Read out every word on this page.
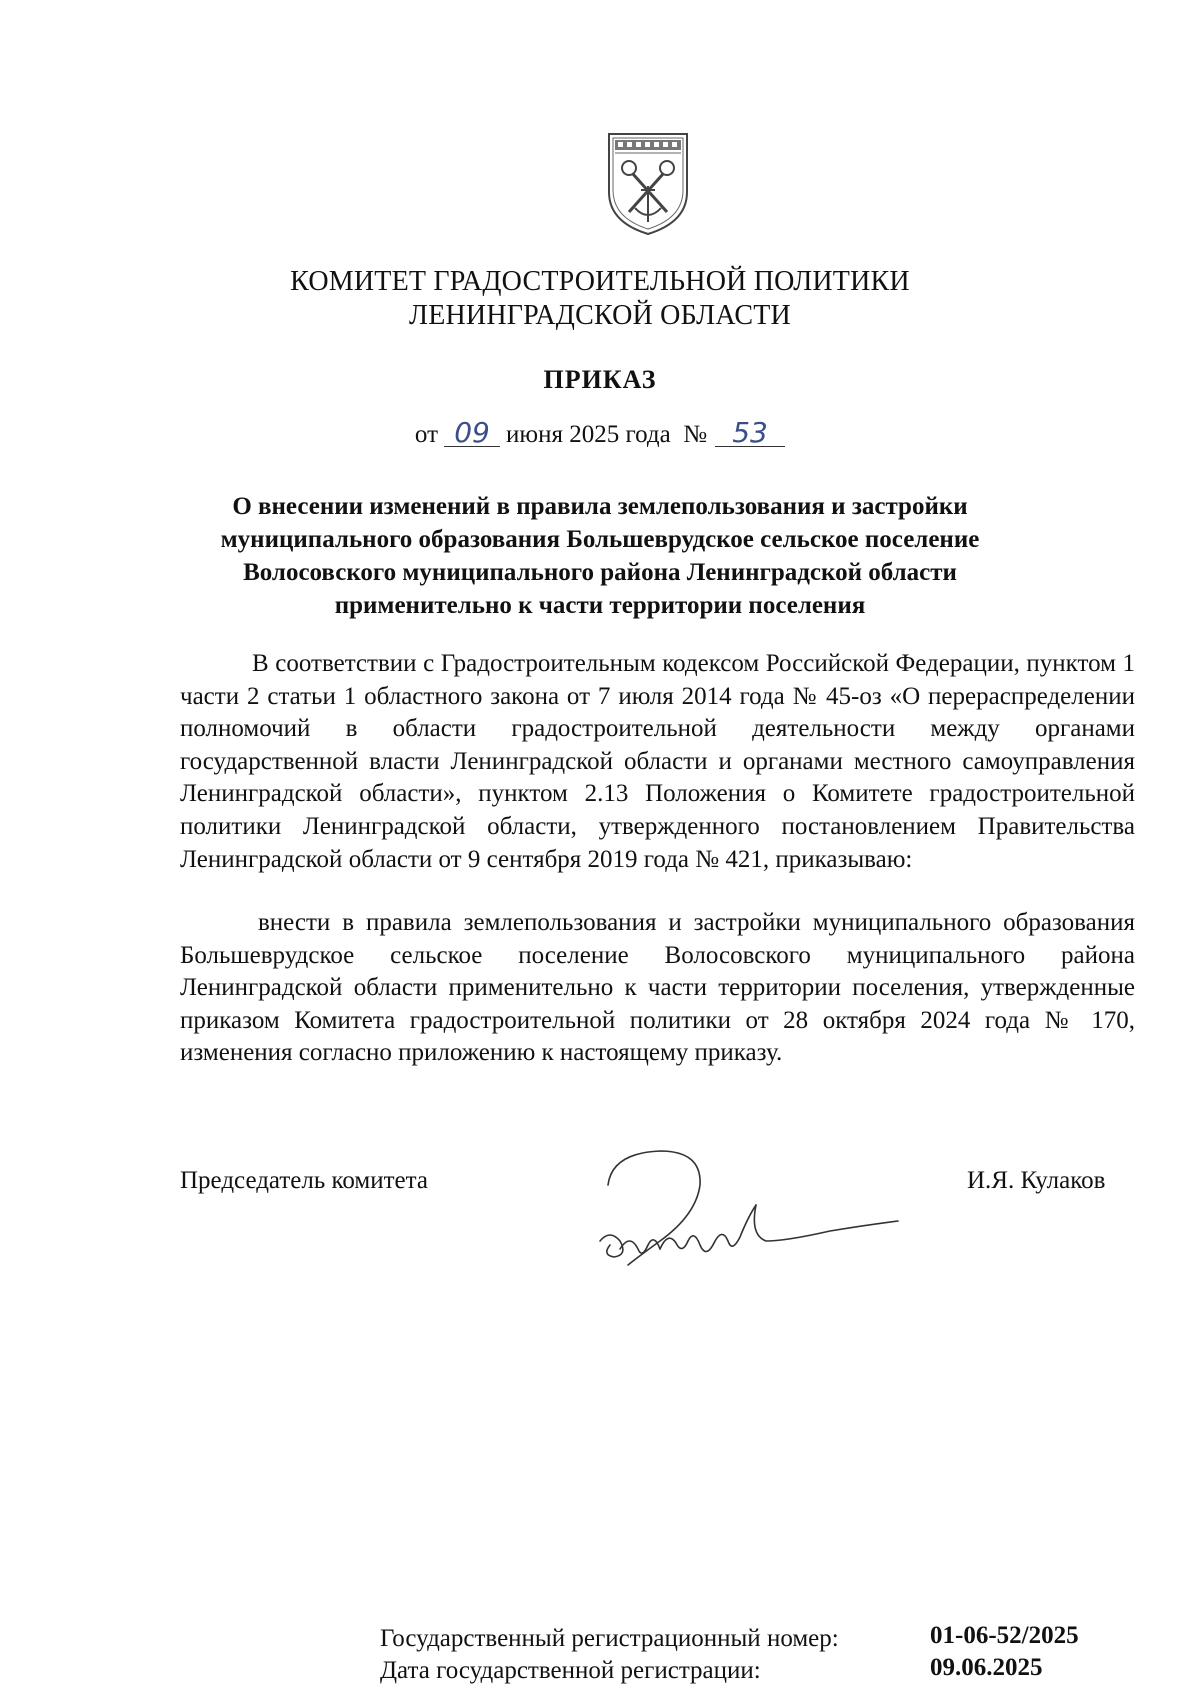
КОМИТЕТ ГРАДОСТРОИТЕЛЬНОЙ ПОЛИТИКИ
ЛЕНИНГРАДСКОЙ ОБЛАСТИ
ПРИКАЗ
от 09 июня 2025 года № 53
О внесении изменений в правила землепользования и застройки
муниципального образования Большеврудское сельское поселение
Волосовского муниципального района Ленинградской области
применительно к части территории поселения
В соответствии с Градостроительным кодексом Российской Федерации, пунктом 1 части 2 статьи 1 областного закона от 7 июля 2014 года № 45-оз «О перераспределении полномочий в области градостроительной деятельности между органами государственной власти Ленинградской области и органами местного самоуправления Ленинградской области», пунктом 2.13 Положения о Комитете градостроительной политики Ленинградской области, утвержденного постановлением Правительства Ленинградской области от 9 сентября 2019 года № 421, приказываю:
внести в правила землепользования и застройки муниципального образования Большеврудское сельское поселение Волосовского муниципального района Ленинградской области применительно к части территории поселения, утвержденные приказом Комитета градостроительной политики от 28 октября 2024 года № 170, изменения согласно приложению к настоящему приказу.
Председатель комитета	И.Я. Кулаков
Государственный регистрационный номер:	01-06-52/2025
Дата государственной регистрации:	09.06.2025
